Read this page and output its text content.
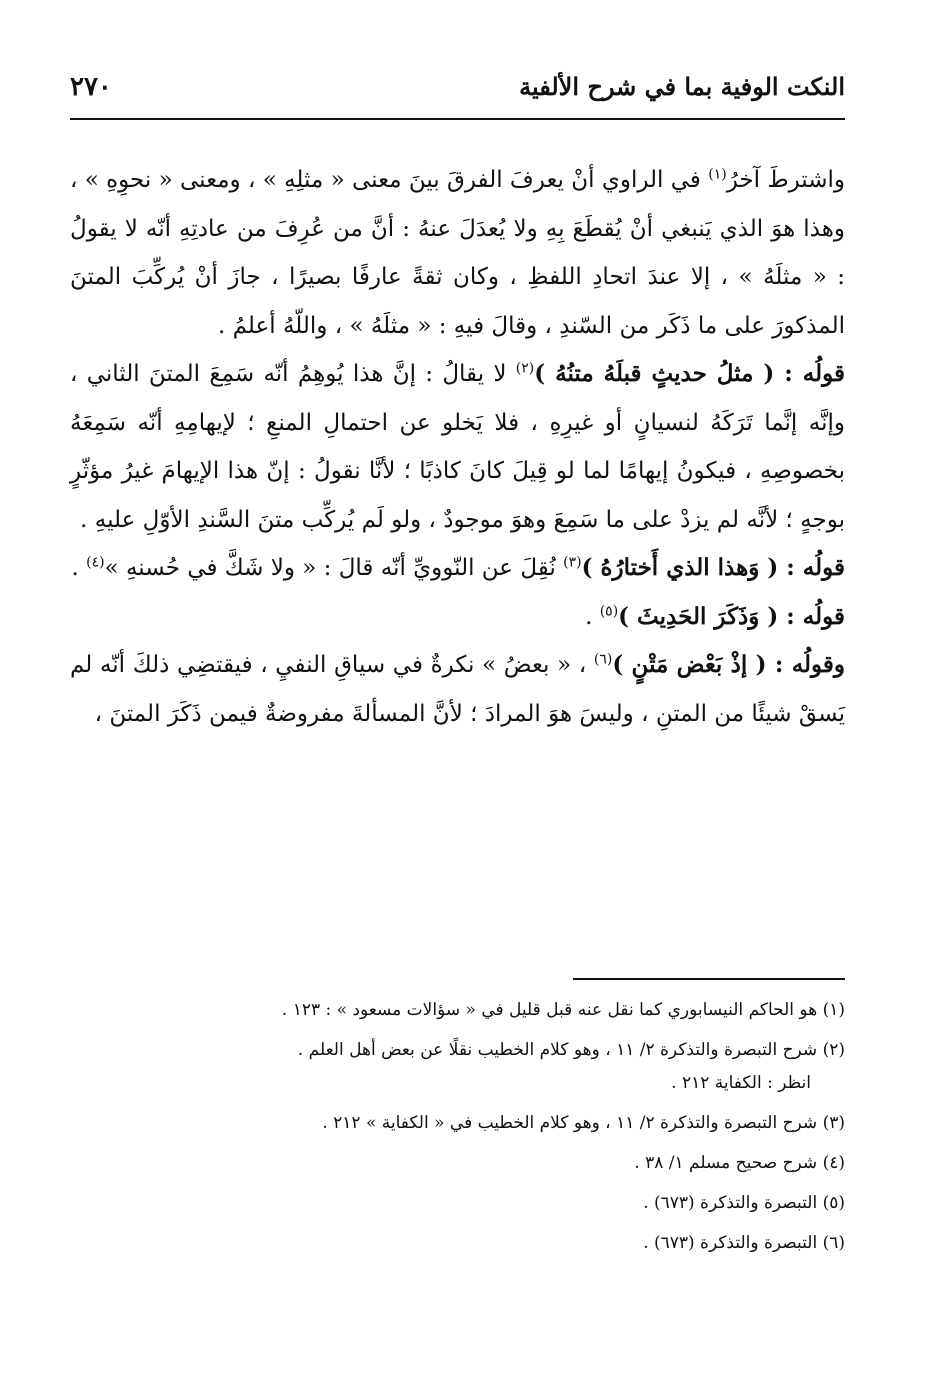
النكت الوفية بما في شرح الألفية
٢٧٠

واشترطَ آخرُ$^{(١)}$ في الراوي أنْ يعرفَ الفرقَ بينَ معنى « مثلِهِ » ، ومعنى « نحوِهِ » ، وهذا هوَ الذي يَنبغي أنْ يُقطَعَ بِهِ ولا يُعدَلَ عنهُ : أنَّ من عُرِفَ من عادتِهِ أنّه لا يقولُ : « مثلَهُ » ، إلا عندَ اتحادِ اللفظِ ، وكان ثقةً عارفًا بصيرًا ، جازَ أنْ يُركِّبَ المتنَ المذكورَ على ما ذَكَر من السّندِ ، وقالَ فيهِ : « مثلَهُ » ، واللّهُ أعلمُ .

قولُه : ( مثلُ حديثٍ قبلَهُ متنُهُ )$^{(٢)}$ لا يقالُ : إنَّ هذا يُوهِمُ أنّه سَمِعَ المتنَ الثاني ، وإنَّه إنَّما تَرَكَهُ لنسيانٍ أو غيرِهِ ، فلا يَخلو عن احتمالِ المنعِ ؛ لإيهامِهِ أنّه سَمِعَهُ بخصوصِهِ ، فيكونُ إيهامًا لما لو قِيلَ كانَ كاذبًا ؛ لأنَّا نقولُ : إنّ هذا الإيهامَ غيرُ مؤثّرٍ بوجهٍ ؛ لأنَّه لم يزدْ على ما سَمِعَ وهوَ موجودٌ ، ولو لَم يُركِّب متنَ السَّندِ الأوّلِ عليهِ .

قولُه : ( وَهذا الذي أَختارُهُ )$^{(٣)}$ نُقِلَ عن النّوويِّ أنّه قالَ : « ولا شَكَّ في حُسنهِ »$^{(٤)}$ .

قولُه : ( وَذَكَرَ الحَدِيثَ )$^{(٥)}$ .

وقولُه : ( إذْ بَعْض مَتْنٍ )$^{(٦)}$ ، « بعضُ » نكرةٌ في سياقِ النفيِ ، فيقتضِي ذلكَ أنّه لم يَسقْ شيئًا من المتنِ ، وليسَ هوَ المرادَ ؛ لأنَّ المسألةَ مفروضةٌ فيمن ذَكَرَ المتنَ ،

(١) هو الحاكم النيسابوري كما نقل عنه قبل قليل في « سؤالات مسعود » : ١٢٣ .

(٢) شرح التبصرة والتذكرة ٢/ ١١ ، وهو كلام الخطيب نقلًا عن بعض أهل العلم .

انظر : الكفاية ٢١٢ .

(٣) شرح التبصرة والتذكرة ٢/ ١١ ، وهو كلام الخطيب في « الكفاية » ٢١٢ .

(٤) شرح صحيح مسلم ١/ ٣٨ .

(٥) التبصرة والتذكرة (٦٧٣) .

(٦) التبصرة والتذكرة (٦٧٣) .
